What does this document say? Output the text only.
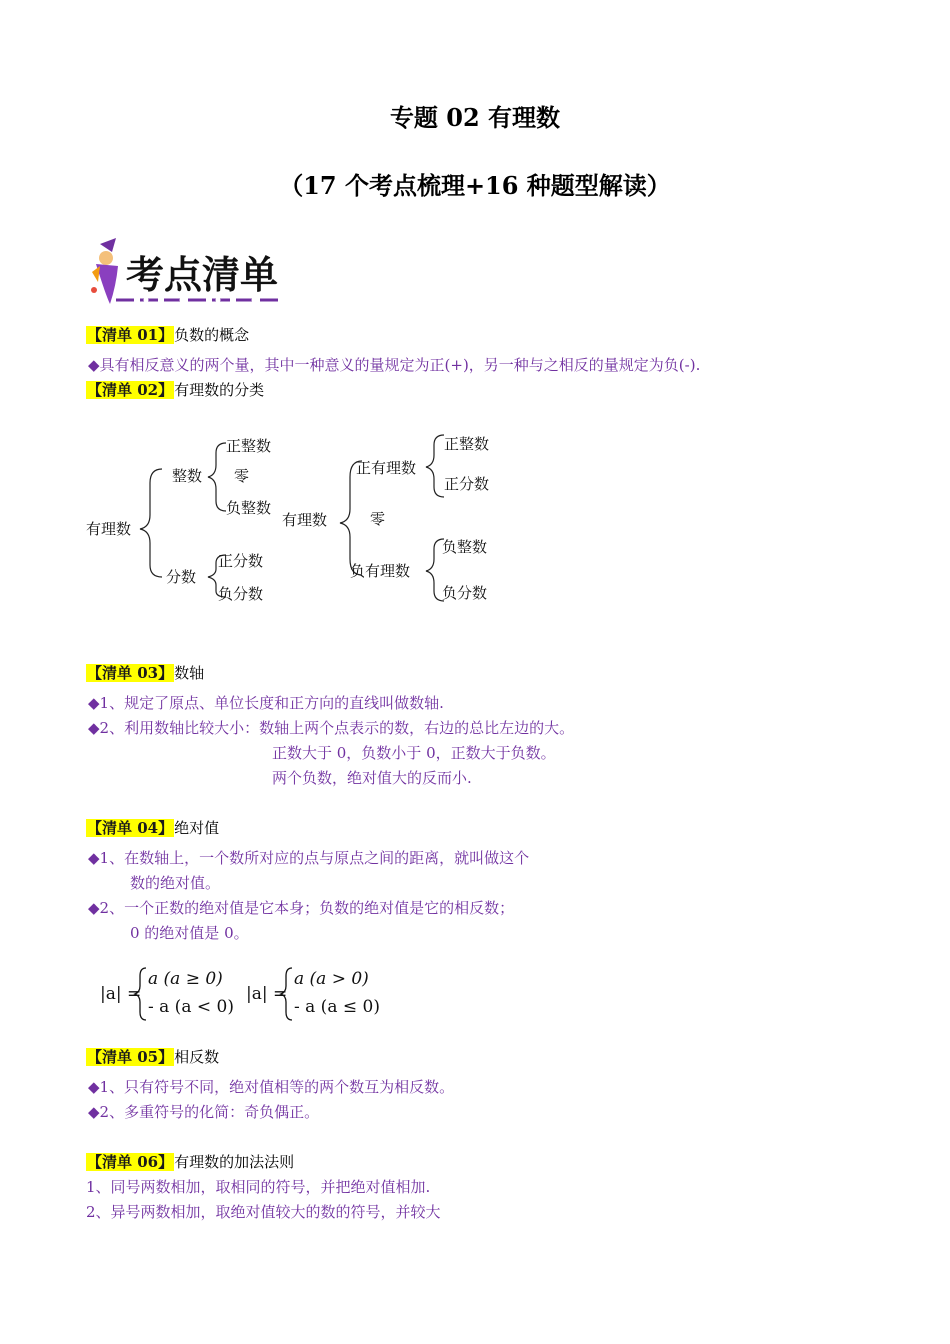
专题 02 有理数
（17 个考点梳理+16 种题型解读）
考点清单
【清单 01】负数的概念
◆具有相反意义的两个量，其中一种意义的量规定为正(+)，另一种与之相反的量规定为负(-).
【清单 02】有理数的分类
有理数
整数
正整数
零
负整数
分数
正分数
负分数
有理数
正有理数
正整数
正分数
零
负有理数
负整数
负分数
【清单 03】数轴
◆1、规定了原点、单位长度和正方向的直线叫做数轴.
◆2、利用数轴比较大小：数轴上两个点表示的数，右边的总比左边的大。
正数大于 0，负数小于 0，正数大于负数。
两个负数，绝对值大的反而小.
【清单 04】绝对值
◆1、在数轴上，一个数所对应的点与原点之间的距离，就叫做这个
数的绝对值。
◆2、一个正数的绝对值是它本身；负数的绝对值是它的相反数；
0 的绝对值是 0。
|a| =
a (a ≥ 0)
- a (a < 0)
|a| =
a (a > 0)
- a (a ≤ 0)
【清单 05】相反数
◆1、只有符号不同，绝对值相等的两个数互为相反数。
◆2、多重符号的化简：奇负偶正。
【清单 06】有理数的加法法则
1、同号两数相加，取相同的符号，并把绝对值相加.
2、异号两数相加，取绝对值较大的数的符号，并较大
